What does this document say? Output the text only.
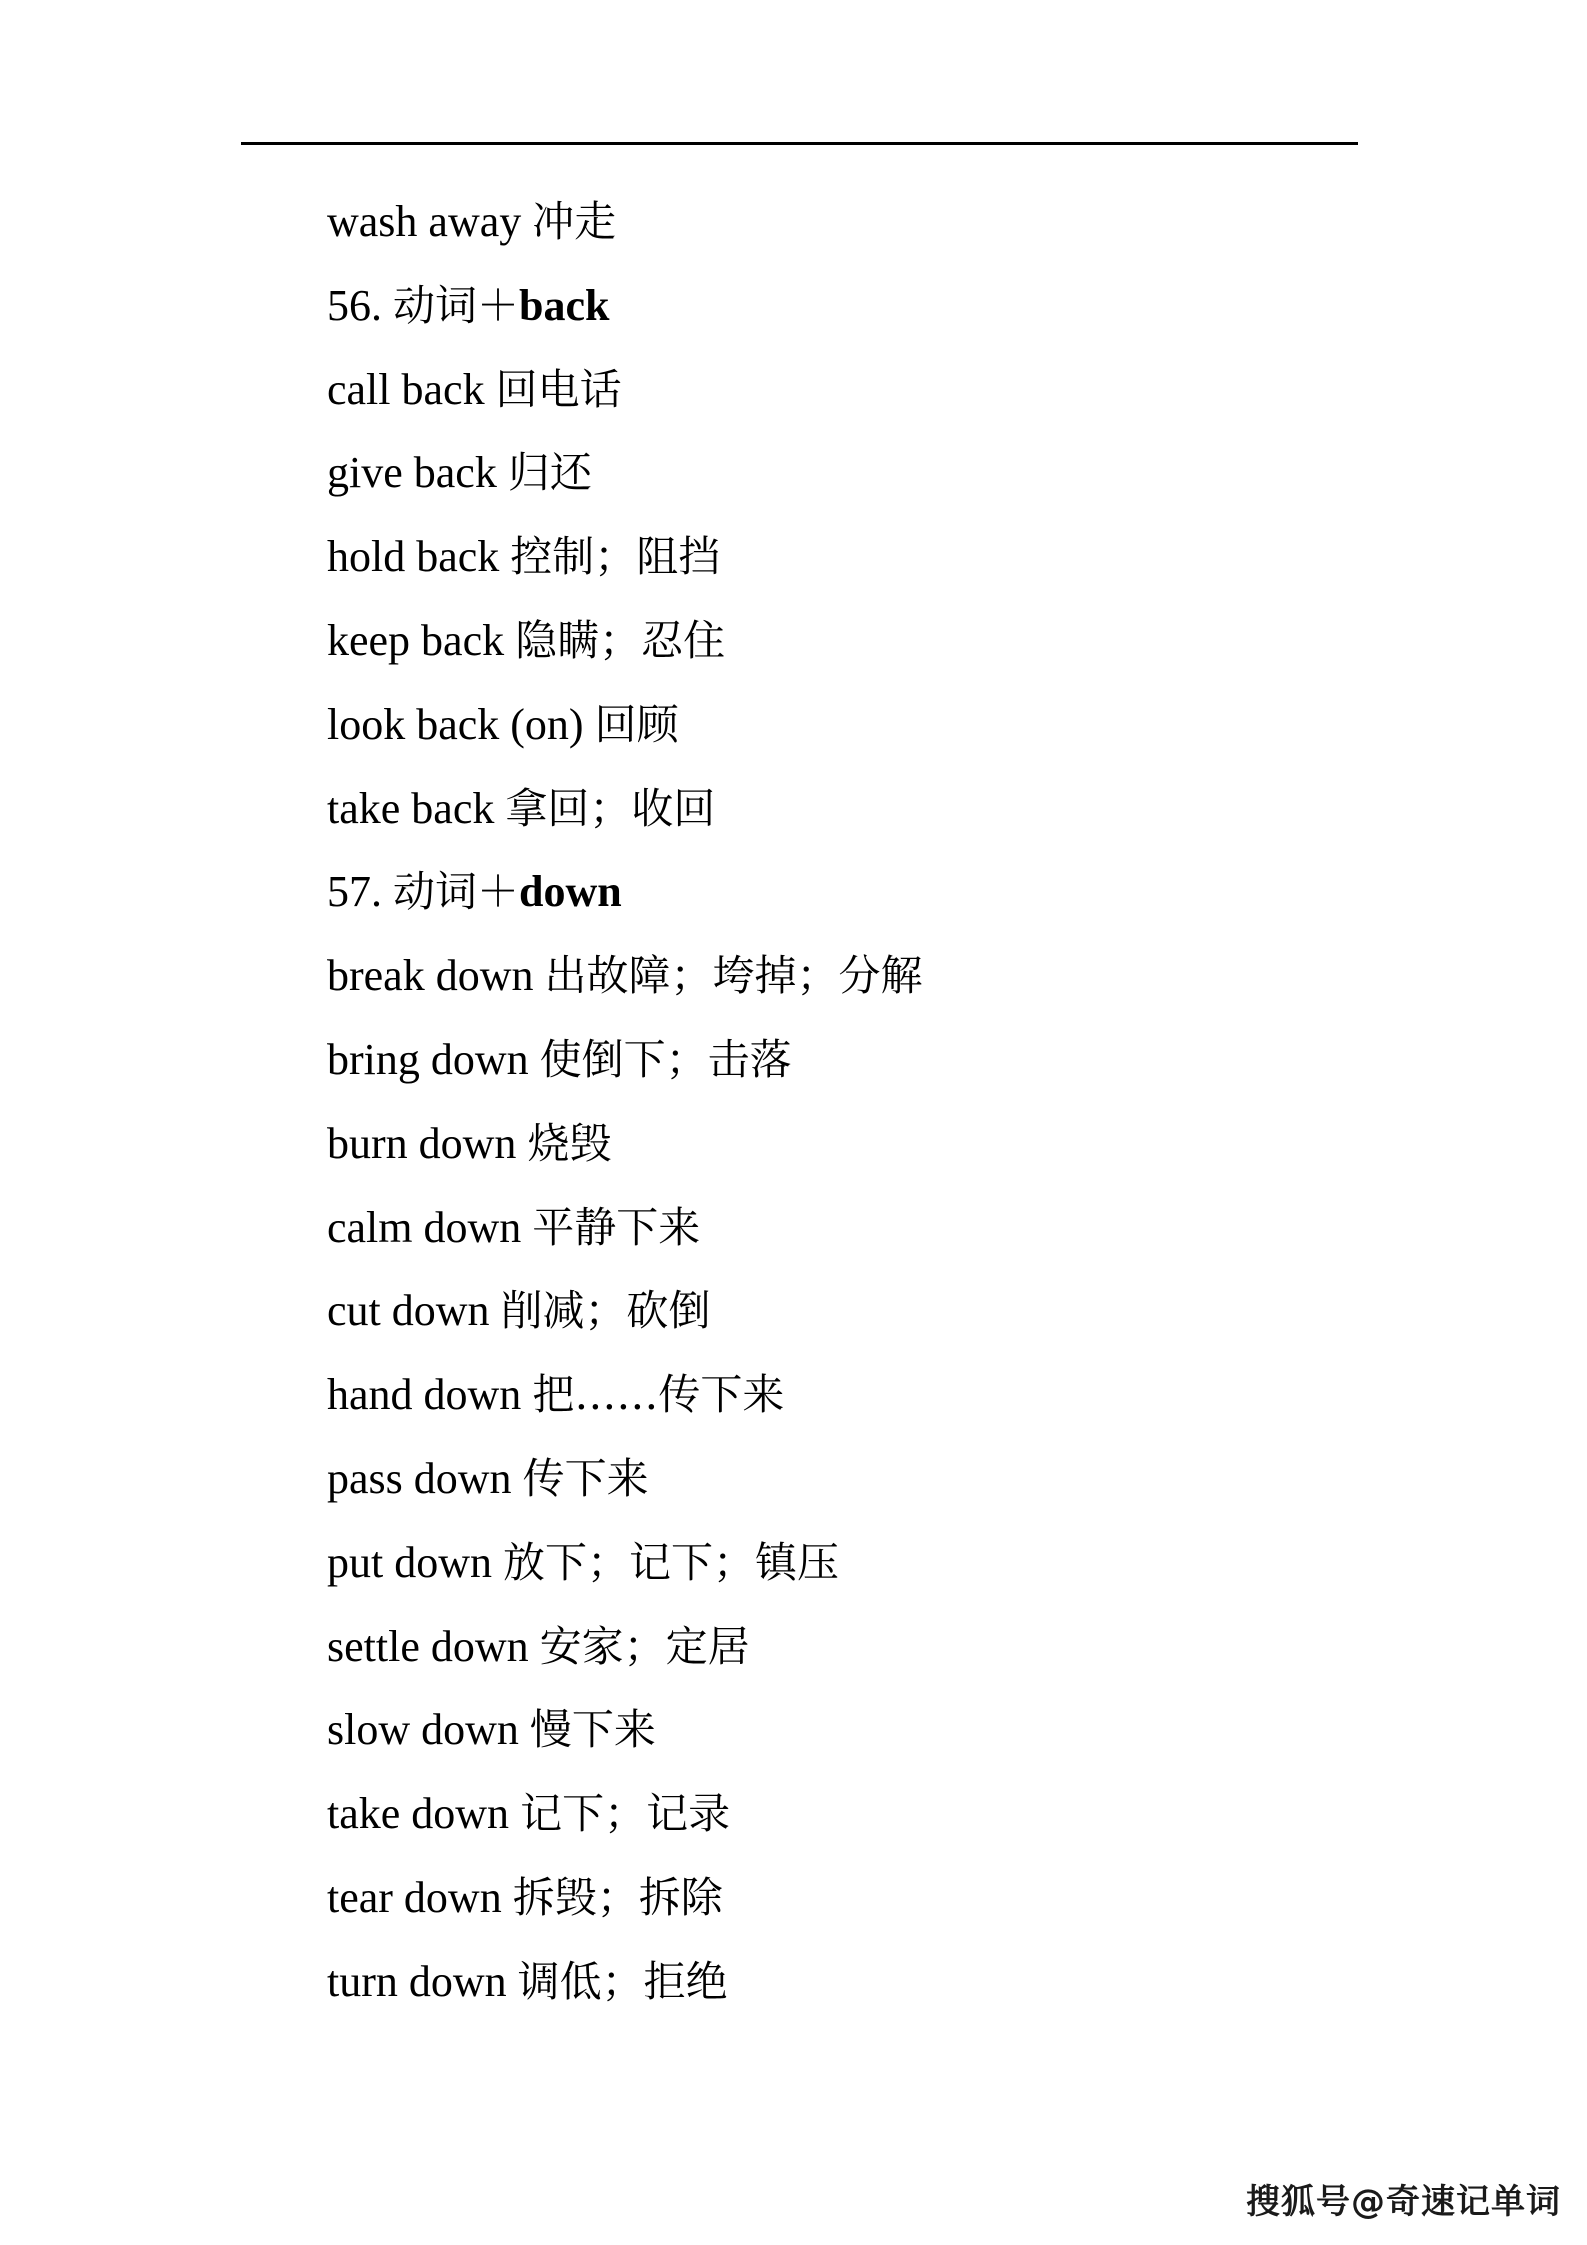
wash away 冲走
56. 动词＋back
call back 回电话
give back 归还
hold back 控制；阻挡
keep back 隐瞒；忍住
look back (on) 回顾
take back 拿回；收回
57. 动词＋down
break down 出故障；垮掉；分解
bring down 使倒下；击落
burn down 烧毁
calm down 平静下来
cut down 削减；砍倒
hand down 把……传下来
pass down 传下来
put down 放下；记下；镇压
settle down 安家；定居
slow down 慢下来
take down 记下；记录
tear down 拆毁；拆除
turn down 调低；拒绝
搜狐号@奇速记单词
